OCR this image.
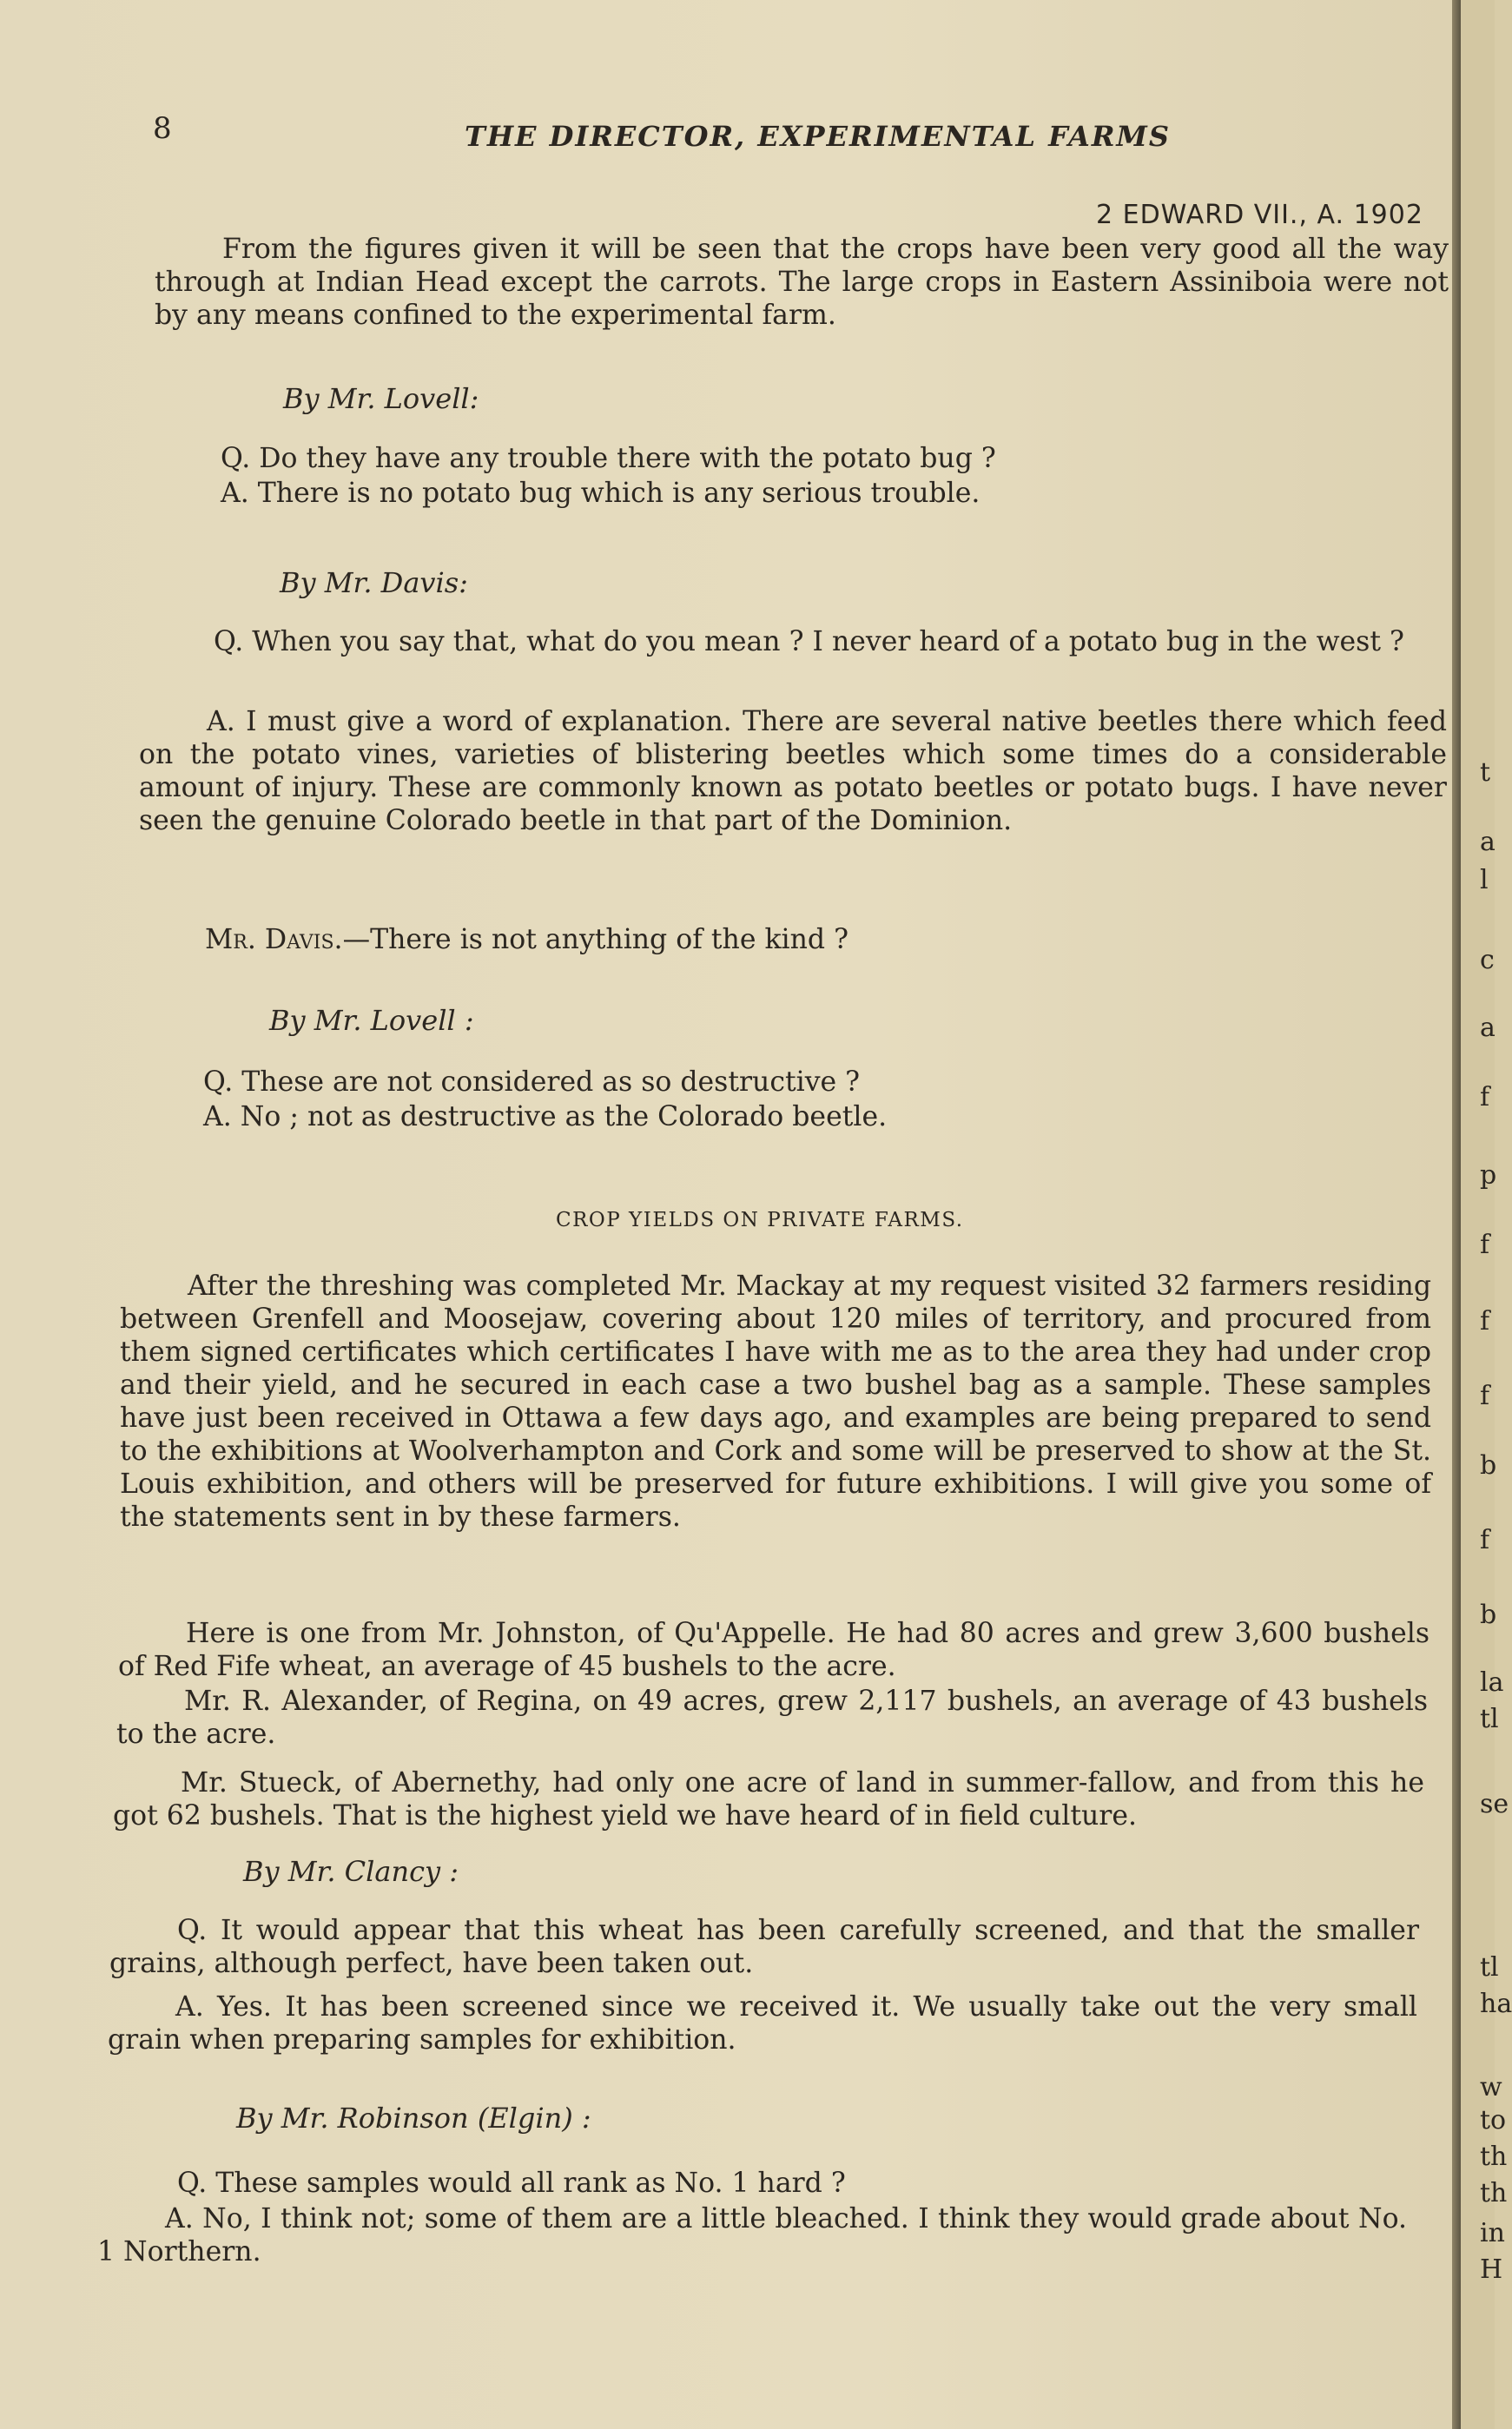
8	THE DIRECTOR, EXPERIMENTAL FARMS
2 EDWARD VII., A. 1902
From the figures given it will be seen that the crops have been very good all the way through at Indian Head except the carrots. The large crops in Eastern Assiniboia were not by any means confined to the experimental farm.
By Mr. Lovell:
Q. Do they have any trouble there with the potato bug ?
A. There is no potato bug which is any serious trouble.
By Mr. Davis:
Q. When you say that, what do you mean ? I never heard of a potato bug in the west ?
A. I must give a word of explanation. There are several native beetles there which feed on the potato vines, varieties of blistering beetles which some times do a considerable amount of injury. These are commonly known as potato beetles or potato bugs. I have never seen the genuine Colorado beetle in that part of the Dominion.
Mr. Davis.—There is not anything of the kind ?
By Mr. Lovell :
Q. These are not considered as so destructive ?
A. No ; not as destructive as the Colorado beetle.
CROP YIELDS ON PRIVATE FARMS.
After the threshing was completed Mr. Mackay at my request visited 32 farmers residing between Grenfell and Moosejaw, covering about 120 miles of territory, and procured from them signed certificates which certificates I have with me as to the area they had under crop and their yield, and he secured in each case a two bushel bag as a sample. These samples have just been received in Ottawa a few days ago, and examples are being prepared to send to the exhibitions at Woolverhampton and Cork and some will be preserved to show at the St. Louis exhibition, and others will be preserved for future exhibitions. I will give you some of the statements sent in by these farmers.
Here is one from Mr. Johnston, of Qu'Appelle. He had 80 acres and grew 3,600 bushels of Red Fife wheat, an average of 45 bushels to the acre.
Mr. R. Alexander, of Regina, on 49 acres, grew 2,117 bushels, an average of 43 bushels to the acre.
Mr. Stueck, of Abernethy, had only one acre of land in summer-fallow, and from this he got 62 bushels. That is the highest yield we have heard of in field culture.
By Mr. Clancy :
Q. It would appear that this wheat has been carefully screened, and that the smaller grains, although perfect, have been taken out.
A. Yes. It has been screened since we received it. We usually take out the very small grain when preparing samples for exhibition.
By Mr. Robinson (Elgin) :
Q. These samples would all rank as No. 1 hard ?
A. No, I think not; some of them are a little bleached. I think they would grade about No. 1 Northern.
t
a
l
c
a
f
p
f
f
f
b
f
b
la
tl
se
tl
ha
w
to
th
th
in
H
